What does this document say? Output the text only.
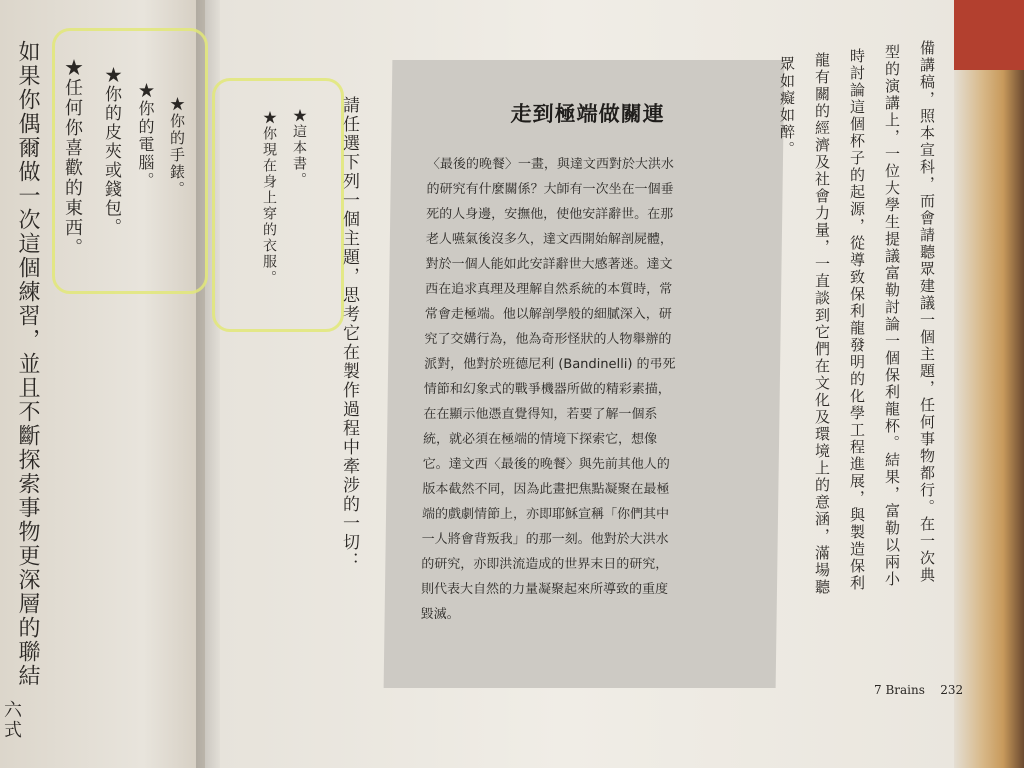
如果你偶爾做一次這個練習，並且不斷探索事物更深層的聯結
六式
★任何你喜歡的東西。 ★你的皮夾或錢包。 ★你的電腦。 ★你的手錶。	★你現在身上穿的衣服。 ★這本書。 請任選下列一個主題，思考它在製作過程中牽涉的一切：	走到極端做關連
〈最後的晚餐〉一畫，與達文西對於大洪水
的研究有什麼關係？大師有一次坐在一個垂
死的人身邊，安撫他，使他安詳辭世。在那
老人嚥氣後沒多久，達文西開始解剖屍體，
對於一個人能如此安詳辭世大感著迷。達文
西在追求真理及理解自然系統的本質時，常
常會走極端。他以解剖學般的細膩深入，研
究了交媾行為，他為奇形怪狀的人物舉辦的
派對，他對於班德尼利 (Bandinelli) 的弔死
情節和幻象式的戰爭機器所做的精彩素描，
在在顯示他憑直覺得知，若要了解一個系
統，就必須在極端的情境下探索它，想像
它。達文西〈最後的晚餐〉與先前其他人的
版本截然不同，因為此畫把焦點凝聚在最極
端的戲劇情節上，亦即耶穌宣稱「你們其中
一人將會背叛我」的那一刻。他對於大洪水
的研究，亦即洪流造成的世界末日的研究，
則代表大自然的力量凝聚起來所導致的重度
毀滅。
備講稿，照本宣科，而會請聽眾建議一個主題，任何事物都行。在一次典
型的演講上，一位大學生提議富勒討論一個保利龍杯。結果，富勒以兩小
時討論這個杯子的起源，從導致保利龍發明的化學工程進展，與製造保利
龍有關的經濟及社會力量，一直談到它們在文化及環境上的意涵，滿場聽
眾如癡如醉。
7 Brains 232
